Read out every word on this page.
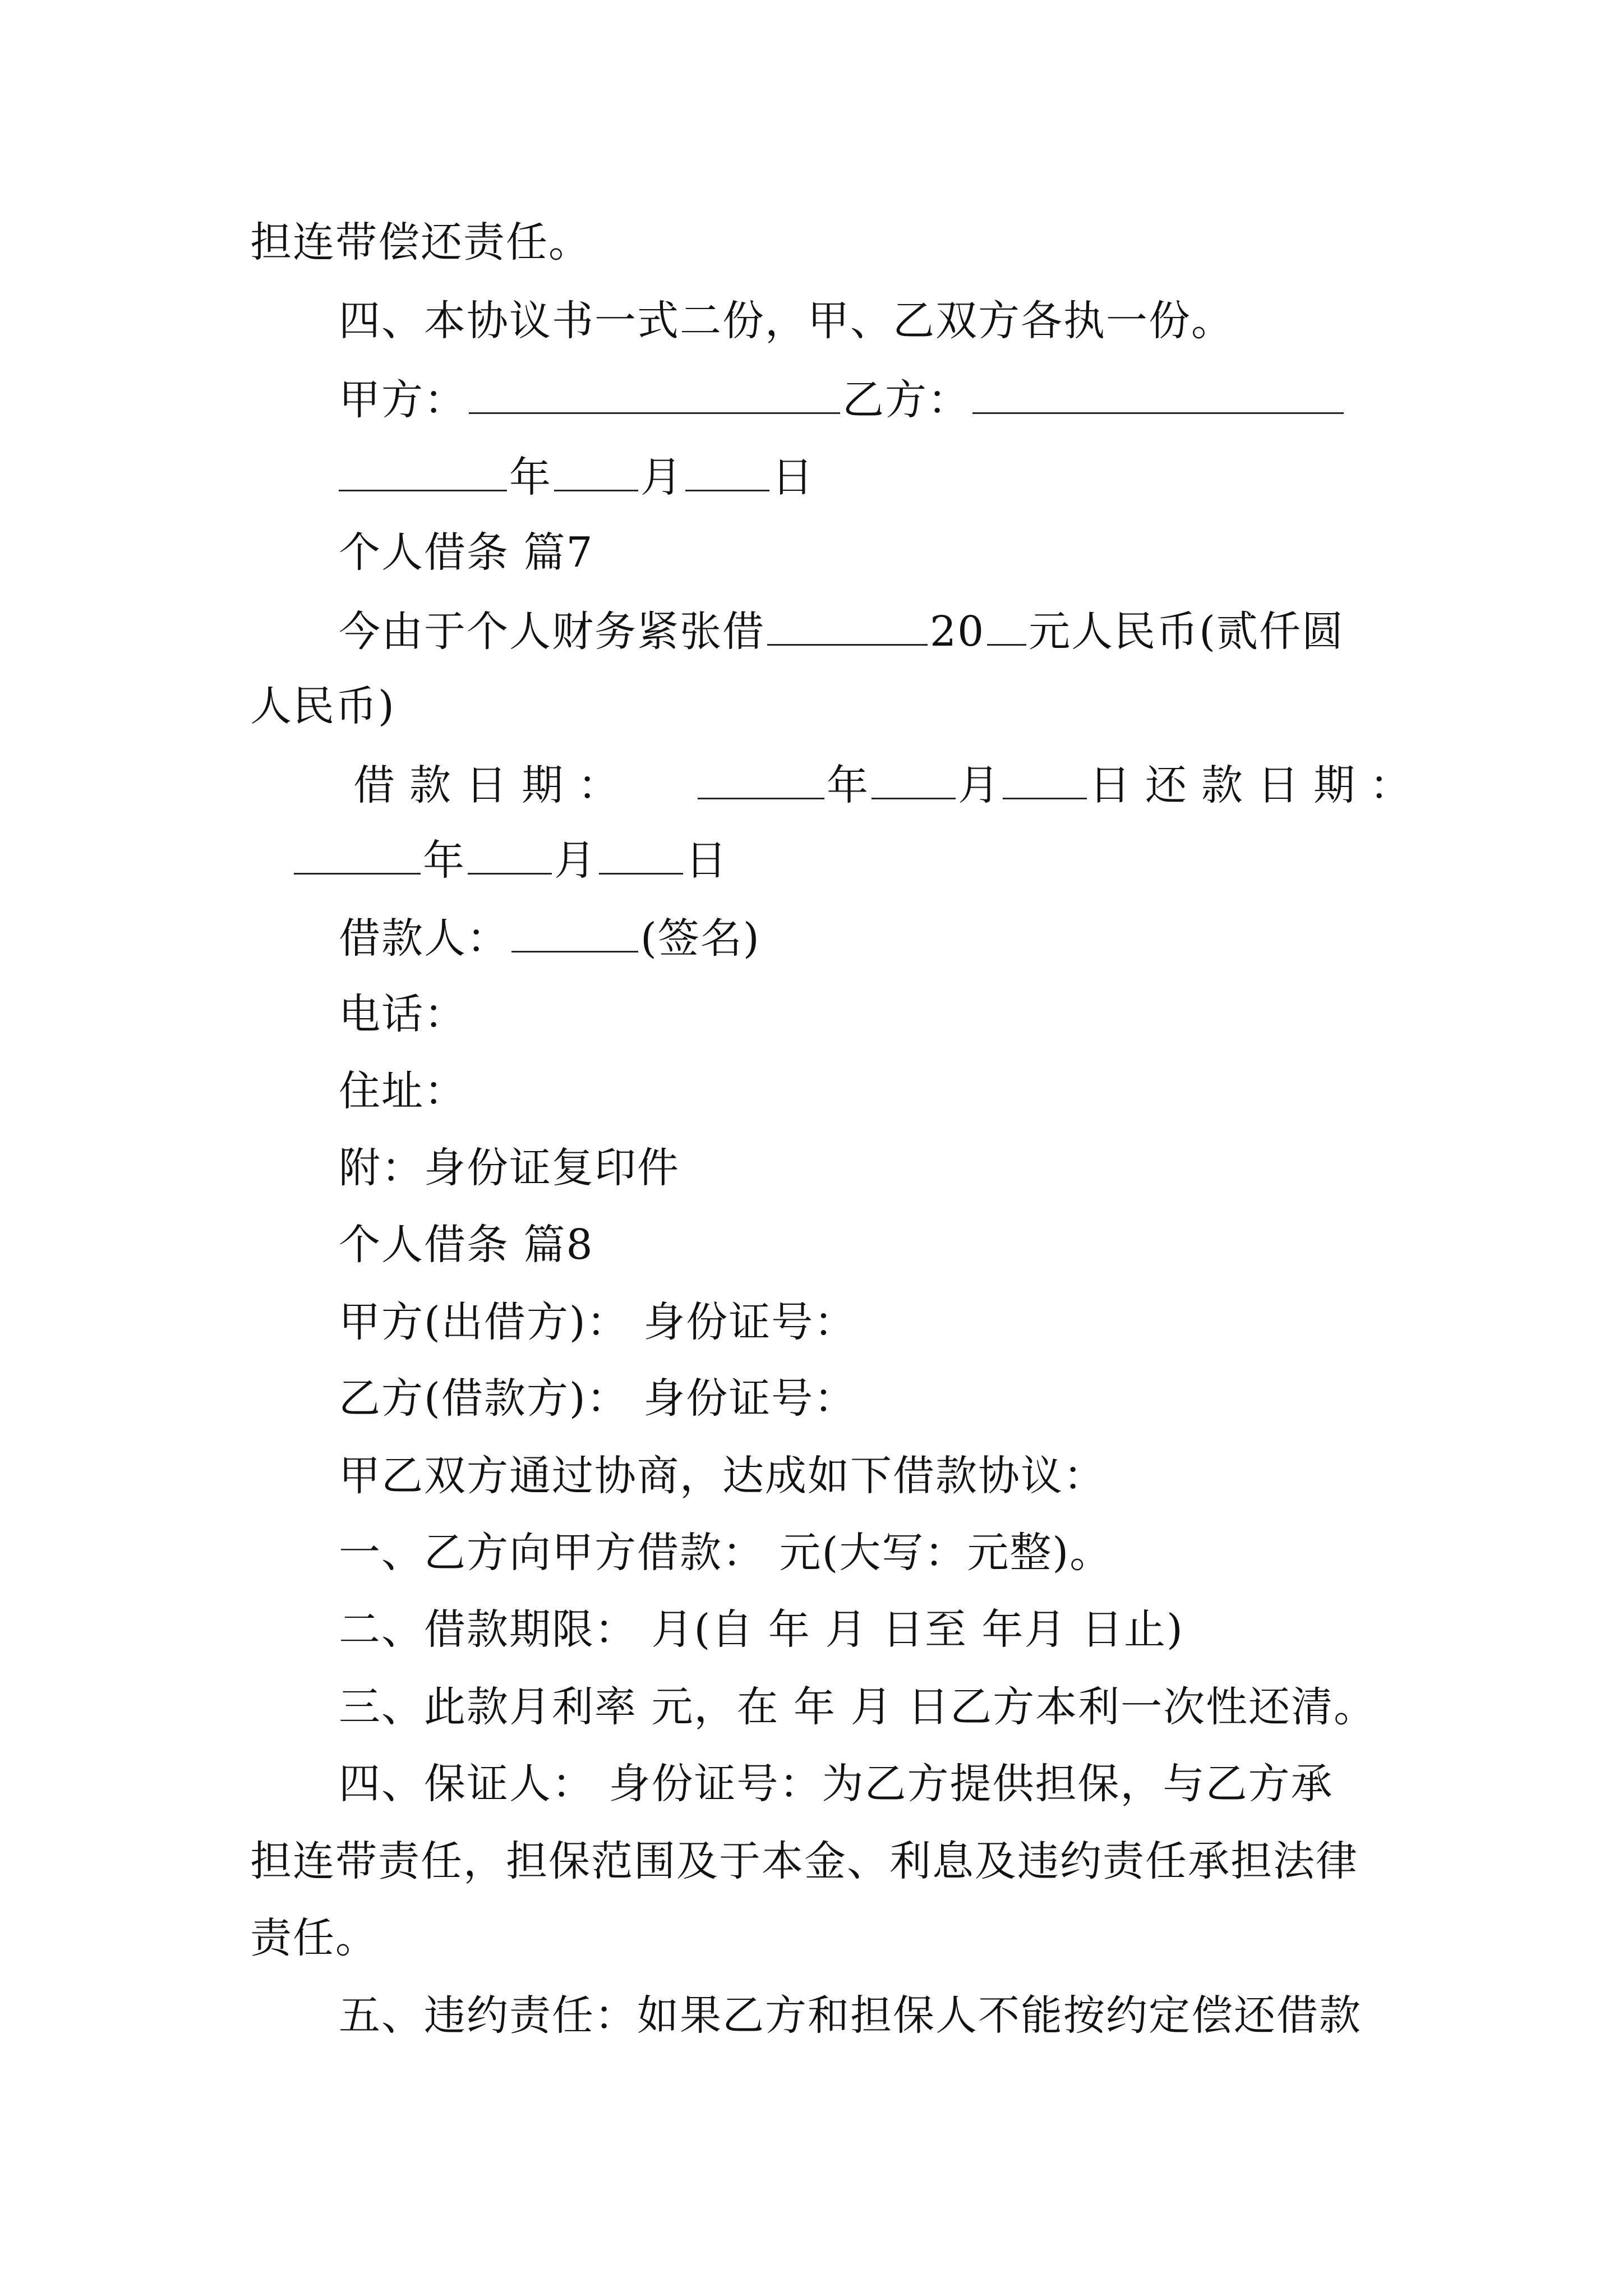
担连带偿还责任。
四、本协议书一式二份，甲、乙双方各执一份。
甲方：	乙方：
年 月 日
个人借条 篇7
今由于个人财务紧张借	20 元人民币(贰仟圆
人民币)
借款日期：	年 月 日还款日期：
年 月 日
借款人：	(签名)
电话：
住址：
附：身份证复印件
个人借条 篇8
甲方(出借方)： 身份证号：
乙方(借款方)： 身份证号：
甲乙双方通过协商，达成如下借款协议：
一、乙方向甲方借款： 元(大写：元整)。
二、借款期限： 月(自 年 月 日至 年月 日止)
三、此款月利率 元，在 年 月 日乙方本利一次性还清。
四、保证人： 身份证号：为乙方提供担保，与乙方承
担连带责任，担保范围及于本金、利息及违约责任承担法律
责任。
五、违约责任：如果乙方和担保人不能按约定偿还借款
